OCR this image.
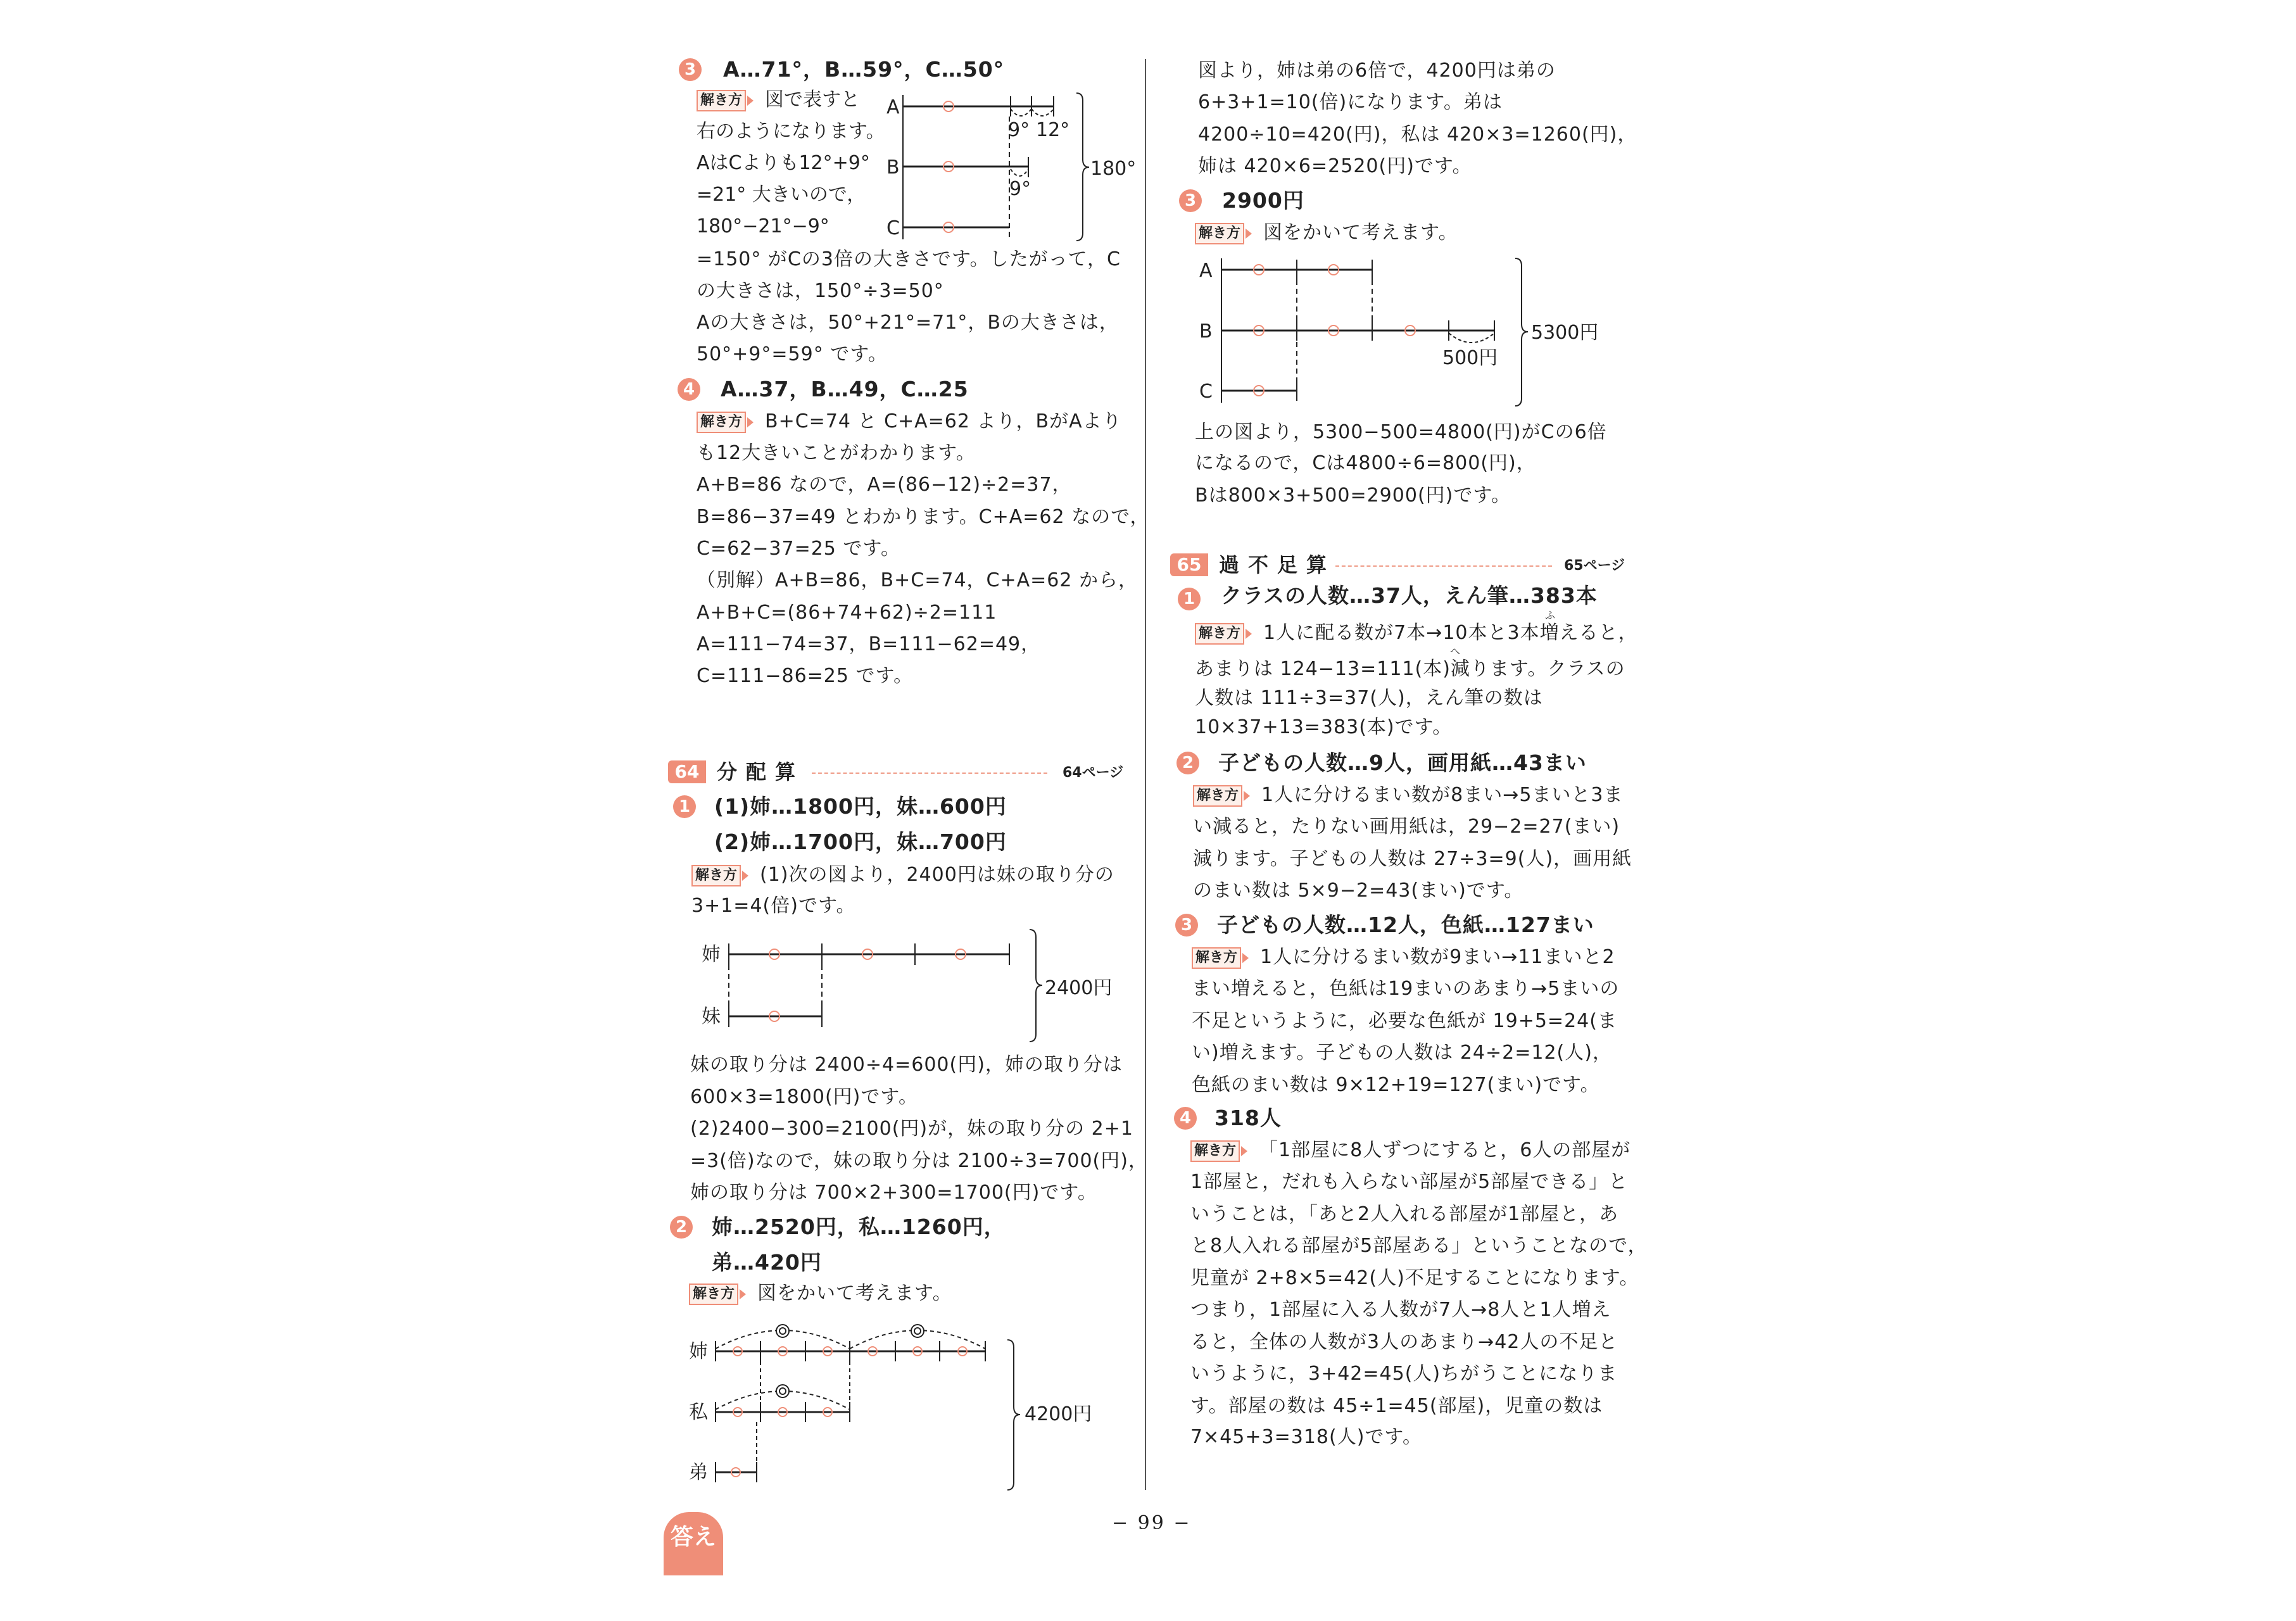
3 A…71°，B…59°，C…50°
解き方 図で表すと
右のようになります。
AはCよりも12°+9°
=21° 大きいので，
180°−21°−9°
=150° がCの3倍の大きさです。したがって，C
の大きさは，150°÷3=50°
Aの大きさは，50°+21°=71°，Bの大きさは，
50°+9°=59° です。
4 A…37，B…49，C…25
解き方 B+C=74 と C+A=62 より，BがAより
も12大きいことがわかります。
A+B=86 なので，A=(86−12)÷2=37，
B=86−37=49 とわかります。C+A=62 なので，
C=62−37=25 です。
（別解）A+B=86，B+C=74，C+A=62 から，
A+B+C=(86+74+62)÷2=111
A=111−74=37，B=111−62=49，
C=111−86=25 です。
64 分配算	64ページ
1 (1)姉…1800円，妹…600円
(2)姉…1700円，妹…700円
解き方 (1)次の図より，2400円は妹の取り分の
3+1=4(倍)です。
妹の取り分は 2400÷4=600(円)，姉の取り分は
600×3=1800(円)です。
(2)2400−300=2100(円)が，妹の取り分の 2+1
=3(倍)なので，妹の取り分は 2100÷3=700(円)，
姉の取り分は 700×2+300=1700(円)です。
2 姉…2520円，私…1260円，
弟…420円
解き方 図をかいて考えます。
図より，姉は弟の6倍で，4200円は弟の
6+3+1=10(倍)になります。弟は
4200÷10=420(円)，私は 420×3=1260(円)，
姉は 420×6=2520(円)です。
3 2900円
解き方 図をかいて考えます。
上の図より，5300−500=4800(円)がCの6倍
になるので，Cは4800÷6=800(円)，
Bは800×3+500=2900(円)です。
65 過不足算	65ページ
1 クラスの人数…37人，えん筆…383本
ふ
解き方 1人に配る数が7本→10本と3本増えると，
へ
あまりは 124−13=111(本)減ります。クラスの
人数は 111÷3=37(人)，えん筆の数は
10×37+13=383(本)です。
2 子どもの人数…9人，画用紙…43まい
解き方 1人に分けるまい数が8まい→5まいと3ま
い減ると，たりない画用紙は，29−2=27(まい)
減ります。子どもの人数は 27÷3=9(人)，画用紙
のまい数は 5×9−2=43(まい)です。
3 子どもの人数…12人，色紙…127まい
解き方 1人に分けるまい数が9まい→11まいと2
まい増えると，色紙は19まいのあまり→5まいの
不足というように，必要な色紙が 19+5=24(ま
い)増えます。子どもの人数は 24÷2=12(人)，
色紙のまい数は 9×12+19=127(まい)です。
4 318人
解き方 「1部屋に8人ずつにすると，6人の部屋が
1部屋と，だれも入らない部屋が5部屋できる」と
いうことは，「あと2人入れる部屋が1部屋と，あ
と8人入れる部屋が5部屋ある」ということなので，
児童が 2+8×5=42(人)不足することになります。
つまり，1部屋に入る人数が7人→8人と1人増え
ると，全体の人数が3人のあまり→42人の不足と
いうように，3+42=45(人)ちがうことになりま
す。部屋の数は 45÷1=45(部屋)，児童の数は
7×45+3=318(人)です。
A
B
C
9° 12°
9°
180°
A
B
C
500円
5300円
姉
妹
2400円
姉
私
弟
4200円
− 99 −
答え
